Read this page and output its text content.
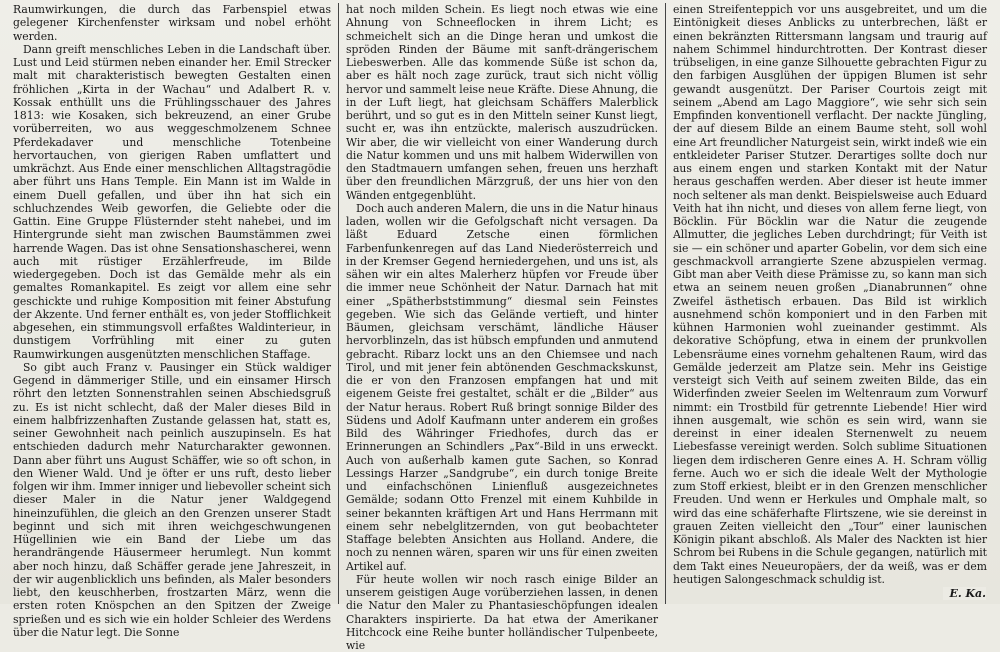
Raumwirkungen, die durch das Farbenspiel etwas gelegener Kirchenfenster wirksam und nobel erhöht werden.

Dann greift menschliches Leben in die Landschaft über. Lust und Leid stürmen neben einander her. Emil Strecker malt mit charakteristisch bewegten Gestalten einen fröhlichen „Kirta in der Wachau“ und Adalbert R. v. Kossak enthüllt uns die Frühlingsschauer des Jahres 1813: wie Kosaken, sich bekreuzend, an einer Grube vorüberreiten, wo aus weggeschmolzenem Schnee Pferdekadaver und menschliche Totenbeine hervortauchen, von gierigen Raben umflattert und umkrächzt. Aus Ende einer menschlichen Alltagstragödie aber führt uns Hans Temple. Ein Mann ist im Walde in einem Duell gefallen, und über ihn hat sich ein schluchzendes Weib geworfen, die Geliebte oder die Gattin. Eine Gruppe Flüsternder steht nahebei, und im Hintergrunde sieht man zwischen Baumstämmen zwei harrende Wagen. Das ist ohne Sensationshascherei, wenn auch mit rüstiger Erzählerfreude, im Bilde wiedergegeben. Doch ist das Gemälde mehr als ein gemaltes Romankapitel. Es zeigt vor allem eine sehr geschickte und ruhige Komposition mit feiner Abstufung der Akzente. Und ferner enthält es, von jeder Stofflichkeit abgesehen, ein stimmungsvoll erfaßtes Waldinterieur, in dunstigem Vorfrühling mit einer zu guten Raumwirkungen ausgenützten menschlichen Staffage.

So gibt auch Franz v. Pausinger ein Stück waldiger Gegend in dämmeriger Stille, und ein einsamer Hirsch röhrt den letzten Sonnenstrahlen seinen Abschiedsgruß zu. Es ist nicht schlecht, daß der Maler dieses Bild in einem halbfrizzenhaften Zustande gelassen hat, statt es, seiner Gewohnheit nach peinlich auszupinseln. Es hat entschieden dadurch mehr Naturcharakter gewonnen. Dann aber führt uns August Schäffer, wie so oft schon, in den Wiener Wald. Und je öfter er uns ruft, desto lieber folgen wir ihm. Immer inniger und liebevoller scheint sich dieser Maler in die Natur jener Waldgegend hineinzufühlen, die gleich an den Grenzen unserer Stadt beginnt und sich mit ihren weichgeschwungenen Hügellinien wie ein Band der Liebe um das herandrängende Häusermeer herumlegt. Nun kommt aber noch hinzu, daß Schäffer gerade jene Jahreszeit, in der wir augenblicklich uns befinden, als Maler besonders liebt, den keuschherben, frostzarten März, wenn die ersten roten Knöspchen an den Spitzen der Zweige sprießen und es sich wie ein holder Schleier des Werdens über die Natur legt. Die Sonne

hat noch milden Schein. Es liegt noch etwas wie eine Ahnung von Schneeflocken in ihrem Licht; es schmeichelt sich an die Dinge heran und umkost die spröden Rinden der Bäume mit sanft-drängerischem Liebeswerben. Alle das kommende Süße ist schon da, aber es hält noch zage zurück, traut sich nicht völlig hervor und sammelt leise neue Kräfte. Diese Ahnung, die in der Luft liegt, hat gleichsam Schäffers Malerblick berührt, und so gut es in den Mitteln seiner Kunst liegt, sucht er, was ihn entzückte, malerisch auszudrücken. Wir aber, die wir vielleicht von einer Wanderung durch die Natur kommen und uns mit halbem Widerwillen von den Stadtmauern umfangen sehen, freuen uns herzhaft über den freundlichen Märzgruß, der uns hier von den Wänden entgegenblüht.

Doch auch anderen Malern, die uns in die Natur hinaus laden, wollen wir die Gefolgschaft nicht versagen. Da läßt Eduard Zetsche einen förmlichen Farbenfunkenregen auf das Land Niederösterreich und in der Kremser Gegend herniedergehen, und uns ist, als sähen wir ein altes Malerherz hüpfen vor Freude über die immer neue Schönheit der Natur. Darnach hat mit einer „Spätherbststimmung“ diesmal sein Feinstes gegeben. Wie sich das Gelände vertieft, und hinter Bäumen, gleichsam verschämt, ländliche Häuser hervorblinzeln, das ist hübsch empfunden und anmutend gebracht. Ribarz lockt uns an den Chiemsee und nach Tirol, und mit jener fein abtönenden Geschmackskunst, die er von den Franzosen empfangen hat und mit eigenem Geiste frei gestaltet, schält er die „Bilder“ aus der Natur heraus. Robert Ruß bringt sonnige Bilder des Südens und Adolf Kaufmann unter anderem ein großes Bild des Währinger Friedhofes, durch das er Erinnerungen an Schindlers „Pax“-Bild in uns erweckt. Auch von außerhalb kamen gute Sachen, so Konrad Lessings Harzer „Sandgrube“, ein durch tonige Breite und einfachschönen Linienfluß ausgezeichnetes Gemälde; sodann Otto Frenzel mit einem Kuhbilde in seiner bekannten kräftigen Art und Hans Herrmann mit einem sehr nebelglitzernden, von gut beobachteter Staffage belebten Ansichten aus Holland. Andere, die noch zu nennen wären, sparen wir uns für einen zweiten Artikel auf.

Für heute wollen wir noch rasch einige Bilder an unserem geistigen Auge vorüberziehen lassen, in denen die Natur den Maler zu Phantasieschöpfungen idealen Charakters inspirierte. Da hat etwa der Amerikaner Hitchcock eine Reihe bunter holländischer Tulpenbeete, wie

einen Streifenteppich vor uns ausgebreitet, und um die Eintönigkeit dieses Anblicks zu unterbrechen, läßt er einen bekränzten Rittersmann langsam und traurig auf nahem Schimmel hindurchtrotten. Der Kontrast dieser trübseligen, in eine ganze Silhouette gebrachten Figur zu den farbigen Ausglühen der üppigen Blumen ist sehr gewandt ausgenützt. Der Pariser Courtois zeigt mit seinem „Abend am Lago Maggiore“, wie sehr sich sein Empfinden konventionell verflacht. Der nackte Jüngling, der auf diesem Bilde an einem Baume steht, soll wohl eine Art freundlicher Naturgeist sein, wirkt indeß wie ein entkleideter Pariser Stutzer. Derartiges sollte doch nur aus einem engen und starken Kontakt mit der Natur heraus geschaffen werden. Aber dieser ist heute immer noch seltener als man denkt. Beispielsweise auch Eduard Veith hat ihn nicht, und dieses von allem ferne liegt, von Böcklin. Für Böcklin war die Natur die zeugende Allmutter, die jegliches Leben durchdringt; für Veith ist sie — ein schöner und aparter Gobelin, vor dem sich eine geschmackvoll arrangierte Szene abzuspielen vermag. Gibt man aber Veith diese Prämisse zu, so kann man sich etwa an seinem neuen großen „Dianabrunnen“ ohne Zweifel ästhetisch erbauen. Das Bild ist wirklich ausnehmend schön komponiert und in den Farben mit kühnen Harmonien wohl zueinander gestimmt. Als dekorative Schöpfung, etwa in einem der prunkvollen Lebensräume eines vornehm gehaltenen Raum, wird das Gemälde jederzeit am Platze sein. Mehr ins Geistige versteigt sich Veith auf seinem zweiten Bilde, das ein Widerfinden zweier Seelen im Weltenraum zum Vorwurf nimmt: ein Trostbild für getrennte Liebende! Hier wird ihnen ausgemalt, wie schön es sein wird, wann sie dereinst in einer idealen Sternenwelt zu neuem Liebesfasse vereinigt werden. Solch sublime Situationen liegen dem irdischeren Genre eines A. H. Schram völlig ferne. Auch wo er sich die ideale Welt der Mythologie zum Stoff erkiest, bleibt er in den Grenzen menschlicher Freuden. Und wenn er Herkules und Omphale malt, so wird das eine schäferhafte Flirtszene, wie sie dereinst in grauen Zeiten vielleicht den „Tour“ einer launischen Königin pikant abschloß. Als Maler des Nackten ist hier Schrom bei Rubens in die Schule gegangen, natürlich mit dem Takt eines Neueuropäers, der da weiß, was er dem heutigen Salongeschmack schuldig ist.

E. Ka.
